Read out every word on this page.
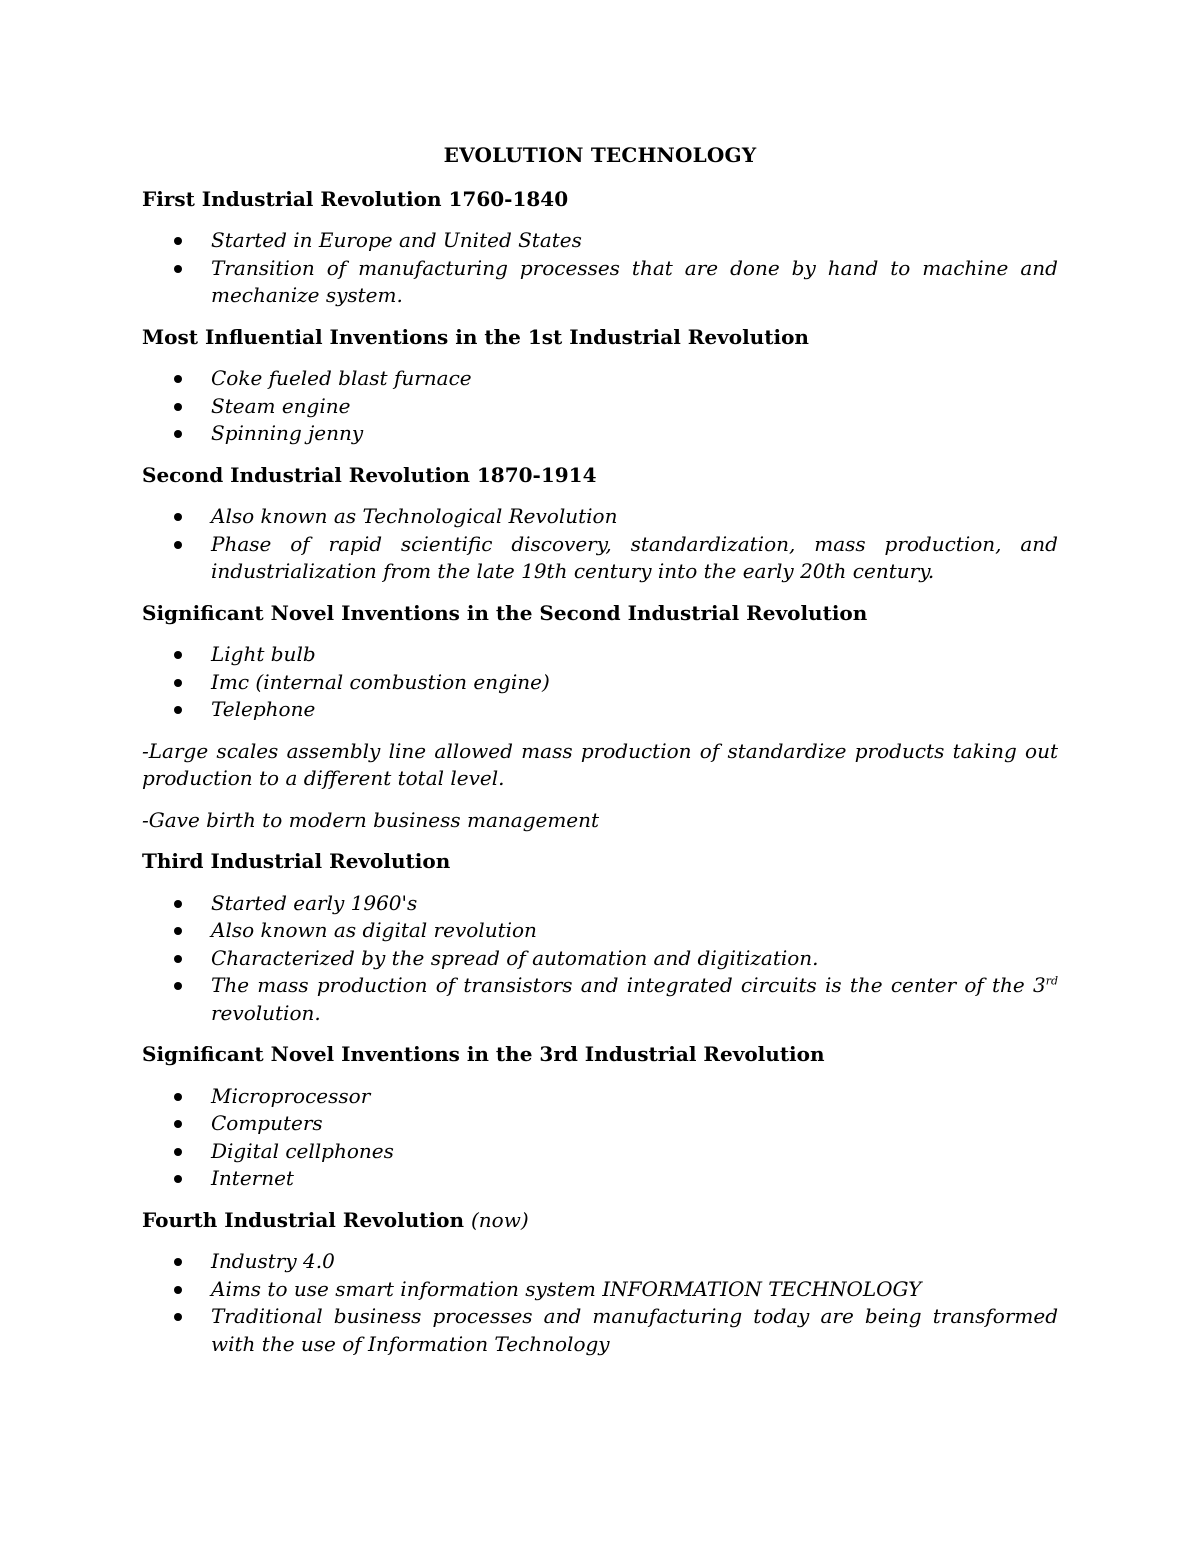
EVOLUTION TECHNOLOGY
First Industrial Revolution 1760-1840
Started in Europe and United States
Transition of manufacturing processes that are done by hand to machine and mechanize system.
Most Influential Inventions in the 1st Industrial Revolution
Coke fueled blast furnace
Steam engine
Spinning jenny
Second Industrial Revolution 1870-1914
Also known as Technological Revolution
Phase of rapid scientific discovery, standardization, mass production, and industrialization from the late 19th century into the early 20th century.
Significant Novel Inventions in the Second Industrial Revolution
Light bulb
Imc (internal combustion engine)
Telephone
-Large scales assembly line allowed mass production of standardize products taking out production to a different total level.
-Gave birth to modern business management
Third Industrial Revolution
Started early 1960's
Also known as digital revolution
Characterized by the spread of automation and digitization.
The mass production of transistors and integrated circuits is the center of the 3rd revolution.
Significant Novel Inventions in the 3rd Industrial Revolution
Microprocessor
Computers
Digital cellphones
Internet
Fourth Industrial Revolution (now)
Industry 4.0
Aims to use smart information system INFORMATION TECHNOLOGY
Traditional business processes and manufacturing today are being transformed with the use of Information Technology
